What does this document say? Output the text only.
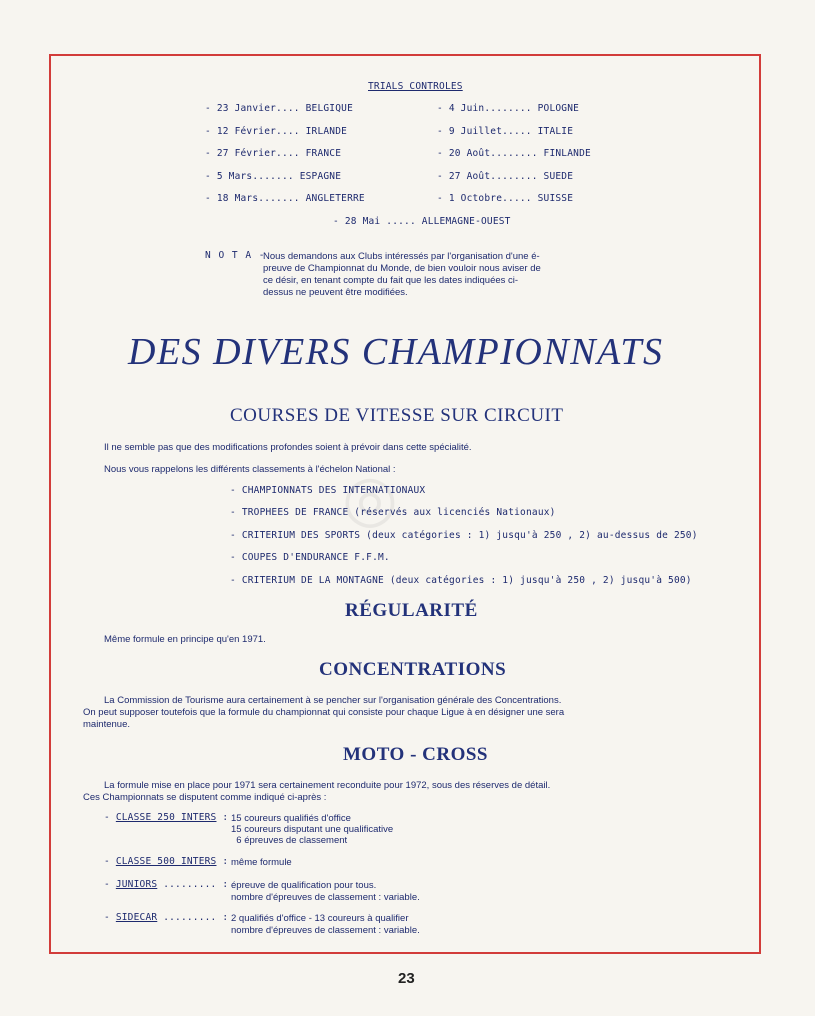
◎
TRIALS CONTROLES
- 23 Janvier.... BELGIQUE
- 12 Février.... IRLANDE
- 27 Février.... FRANCE
- 5 Mars....... ESPAGNE
- 18 Mars....... ANGLETERRE
- 4 Juin........ POLOGNE
- 9 Juillet..... ITALIE
- 20 Août........ FINLANDE
- 27 Août........ SUEDE
- 1 Octobre..... SUISSE
- 28 Mai ..... ALLEMAGNE-OUEST
N O T A -
Nous demandons aux Clubs intéressés par l'organisation d'une é-
preuve de Championnat du Monde, de bien vouloir nous aviser de
ce désir, en tenant compte du fait que les dates indiquées ci-
dessus ne peuvent être modifiées.
DES DIVERS CHAMPIONNATS
COURSES DE VITESSE SUR CIRCUIT
Il ne semble pas que des modifications profondes soient à prévoir dans cette spécialité.
Nous vous rappelons les différents classements à l'échelon National :
- CHAMPIONNATS DES INTERNATIONAUX
- TROPHEES DE FRANCE (réservés aux licenciés Nationaux)
- CRITERIUM DES SPORTS (deux catégories : 1) jusqu'à 250 , 2) au-dessus de 250)
- COUPES D'ENDURANCE F.F.M.
- CRITERIUM DE LA MONTAGNE (deux catégories : 1) jusqu'à 250 , 2) jusqu'à 500)
RÉGULARITÉ
Même formule en principe qu'en 1971.
CONCENTRATIONS
La Commission de Tourisme aura certainement à se pencher sur l'organisation générale des Concentrations.
On peut supposer toutefois que la formule du championnat qui consiste pour chaque Ligue à en désigner une sera
maintenue.
MOTO - CROSS
La formule mise en place pour 1971 sera certainement reconduite pour 1972, sous des réserves de détail.
Ces Championnats se disputent comme indiqué ci-après :
- CLASSE 250 INTERS : 15 coureurs qualifiés d'office
15 coureurs disputant une qualificative
6 épreuves de classement
- CLASSE 500 INTERS : même formule
- JUNIORS ......... : épreuve de qualification pour tous.
nombre d'épreuves de classement : variable.
- SIDECAR ......... : 2 qualifiés d'office - 13 coureurs à qualifier
nombre d'épreuves de classement : variable.
23
